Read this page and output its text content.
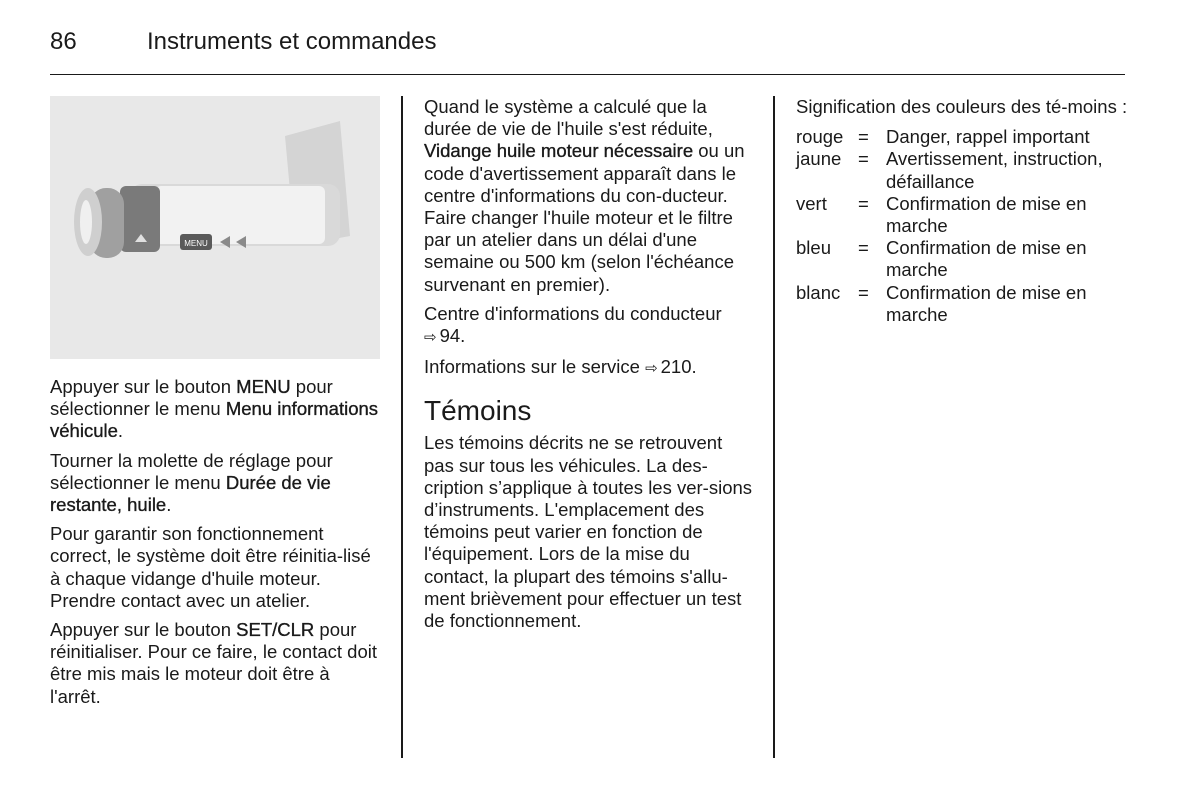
86	Instruments et commandes
MENU

Appuyer sur le bouton MENU pour sélectionner le menu Menu informations véhicule.

Tourner la molette de réglage pour sélectionner le menu Durée de vie restante, huile.

Pour garantir son fonctionnement correct, le système doit être réinitia-lisé à chaque vidange d'huile moteur. Prendre contact avec un atelier.

Appuyer sur le bouton SET/CLR pour réinitialiser. Pour ce faire, le contact doit être mis mais le moteur doit être à l'arrêt.

Quand le système a calculé que la durée de vie de l'huile s'est réduite, Vidange huile moteur nécessaire ou un code d'avertissement apparaît dans le centre d'informations du con-ducteur. Faire changer l'huile moteur et le filtre par un atelier dans un délai d'une semaine ou 500 km (selon l'échéance survenant en premier).

Centre d'informations du conducteur
⇨ 94.

Informations sur le service ⇨ 210.

Témoins

Les témoins décrits ne se retrouvent pas sur tous les véhicules. La des-cription s’applique à toutes les ver-sions d’instruments. L'emplacement des témoins peut varier en fonction de l'équipement. Lors de la mise du contact, la plupart des témoins s'allu-ment brièvement pour effectuer un test de fonctionnement.

Signification des couleurs des té-moins :

rouge	=	Danger, rappel important
jaune	=	Avertissement, instruction, défaillance
vert	=	Confirmation de mise en marche
bleu	=	Confirmation de mise en marche
blanc	=	Confirmation de mise en marche
